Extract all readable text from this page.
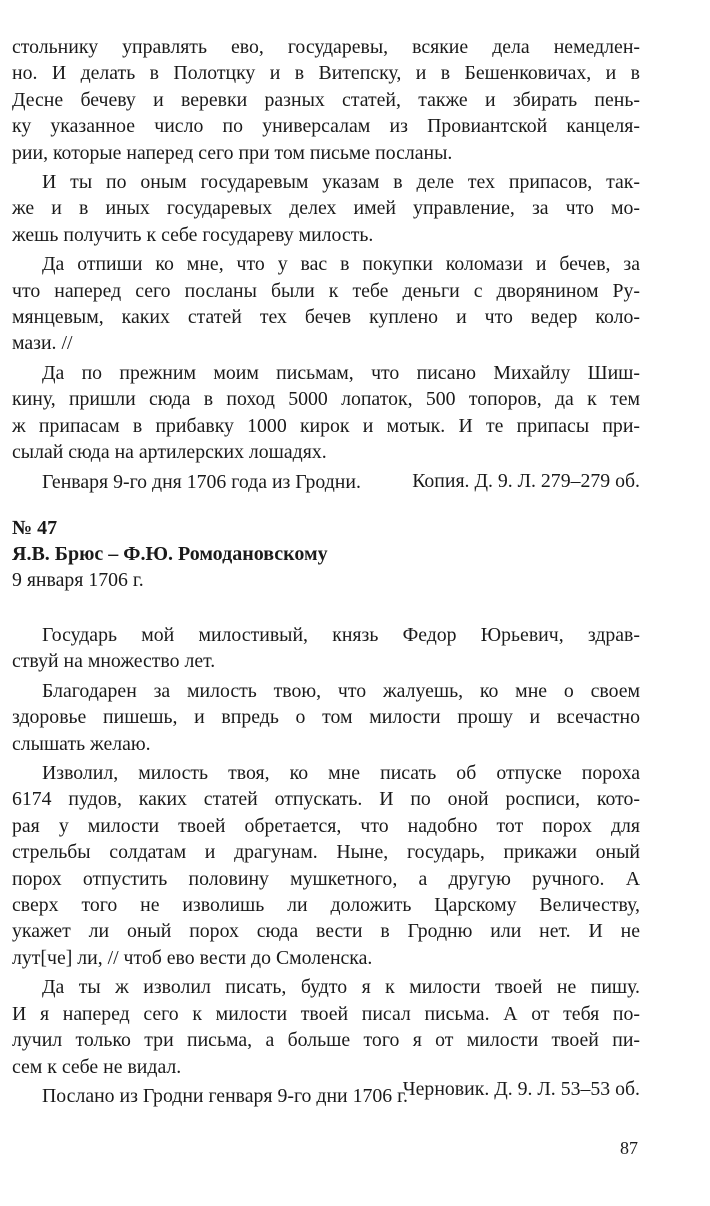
стольнику управлять ево, государевы, всякие дела немедлен-
но. И делать в Полотцку и в Витепску, и в Бешенковичах, и в
Десне бечеву и веревки разных статей, также и збирать пень-
ку указанное число по универсалам из Провиантской канцеля-
рии, которые наперед сего при том письме посланы.
И ты по оным государевым указам в деле тех припасов, так-
же и в иных государевых делех имей управление, за что мо-
жешь получить к себе государеву милость.
Да отпиши ко мне, что у вас в покупки коломази и бечев, за
что наперед сего посланы были к тебе деньги с дворянином Ру-
мянцевым, каких статей тех бечев куплено и что ведер коло-
мази. //
Да по прежним моим письмам, что писано Михайлу Шиш-
кину, пришли сюда в поход 5000 лопаток, 500 топоров, да к тем
ж припасам в прибавку 1000 кирок и мотык. И те припасы при-
сылай сюда на артилерских лошадях.
Генваря 9-го дня 1706 года из Гродни.	Копия. Д. 9. Л. 279–279 об.
№ 47
Я.В. Брюс – Ф.Ю. Ромодановскому
9 января 1706 г.
Государь мой милостивый, князь Федор Юрьевич, здрав-
ствуй на множество лет.
Благодарен за милость твою, что жалуешь, ко мне о своем
здоровье пишешь, и впредь о том милости прошу и всечастно
слышать желаю.
Изволил, милость твоя, ко мне писать об отпуске пороха
6174 пудов, каких статей отпускать. И по оной росписи, кото-
рая у милости твоей обретается, что надобно тот порох для
стрельбы солдатам и драгунам. Ныне, государь, прикажи оный
порох отпустить половину мушкетного, а другую ручного. А
сверх того не изволишь ли доложить Царскому Величеству,
укажет ли оный порох сюда вести в Гродню или нет. И не
лут[че] ли, // чтоб ево вести до Смоленска.
Да ты ж изволил писать, будто я к милости твоей не пишу.
И я наперед сего к милости твоей писал письма. А от тебя по-
лучил только три письма, а больше того я от милости твоей пи-
сем к себе не видал.
Послано из Гродни генваря 9-го дни 1706 г.
Черновик. Д. 9. Л. 53–53 об.
87
